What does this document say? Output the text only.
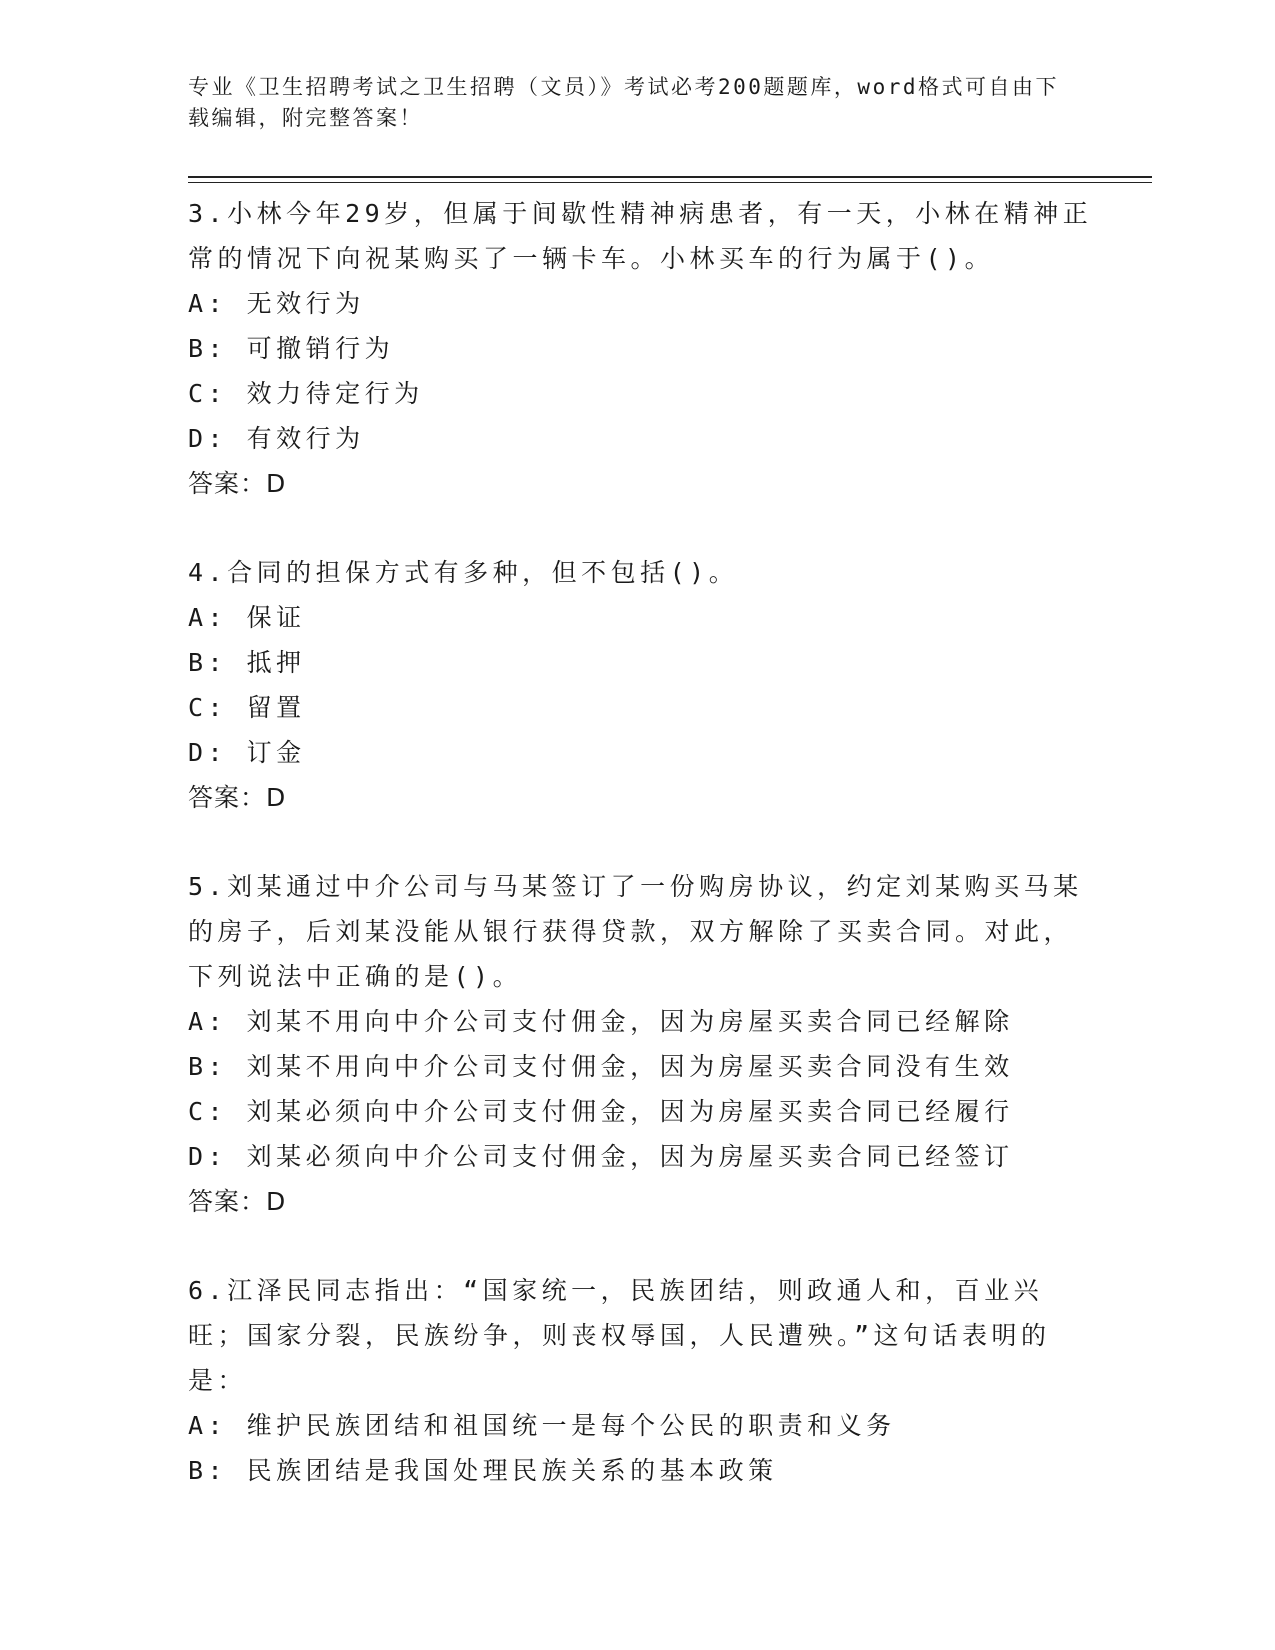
专业《卫生招聘考试之卫生招聘（文员）》考试必考200题题库，word格式可自由下载编辑，附完整答案！

3.小林今年29岁，但属于间歇性精神病患者，有一天，小林在精神正常的情况下向祝某购买了一辆卡车。小林买车的行为属于()。

A: 无效行为

B: 可撤销行为

C: 效力待定行为

D: 有效行为

答案：D

4.合同的担保方式有多种，但不包括()。

A: 保证

B: 抵押

C: 留置

D: 订金

答案：D

5.刘某通过中介公司与马某签订了一份购房协议，约定刘某购买马某的房子，后刘某没能从银行获得贷款，双方解除了买卖合同。对此，下列说法中正确的是()。

A: 刘某不用向中介公司支付佣金，因为房屋买卖合同已经解除

B: 刘某不用向中介公司支付佣金，因为房屋买卖合同没有生效

C: 刘某必须向中介公司支付佣金，因为房屋买卖合同已经履行

D: 刘某必须向中介公司支付佣金，因为房屋买卖合同已经签订

答案：D

6.江泽民同志指出：“国家统一，民族团结，则政通人和，百业兴旺；国家分裂，民族纷争，则丧权辱国，人民遭殃。”这句话表明的是：

A: 维护民族团结和祖国统一是每个公民的职责和义务

B: 民族团结是我国处理民族关系的基本政策
